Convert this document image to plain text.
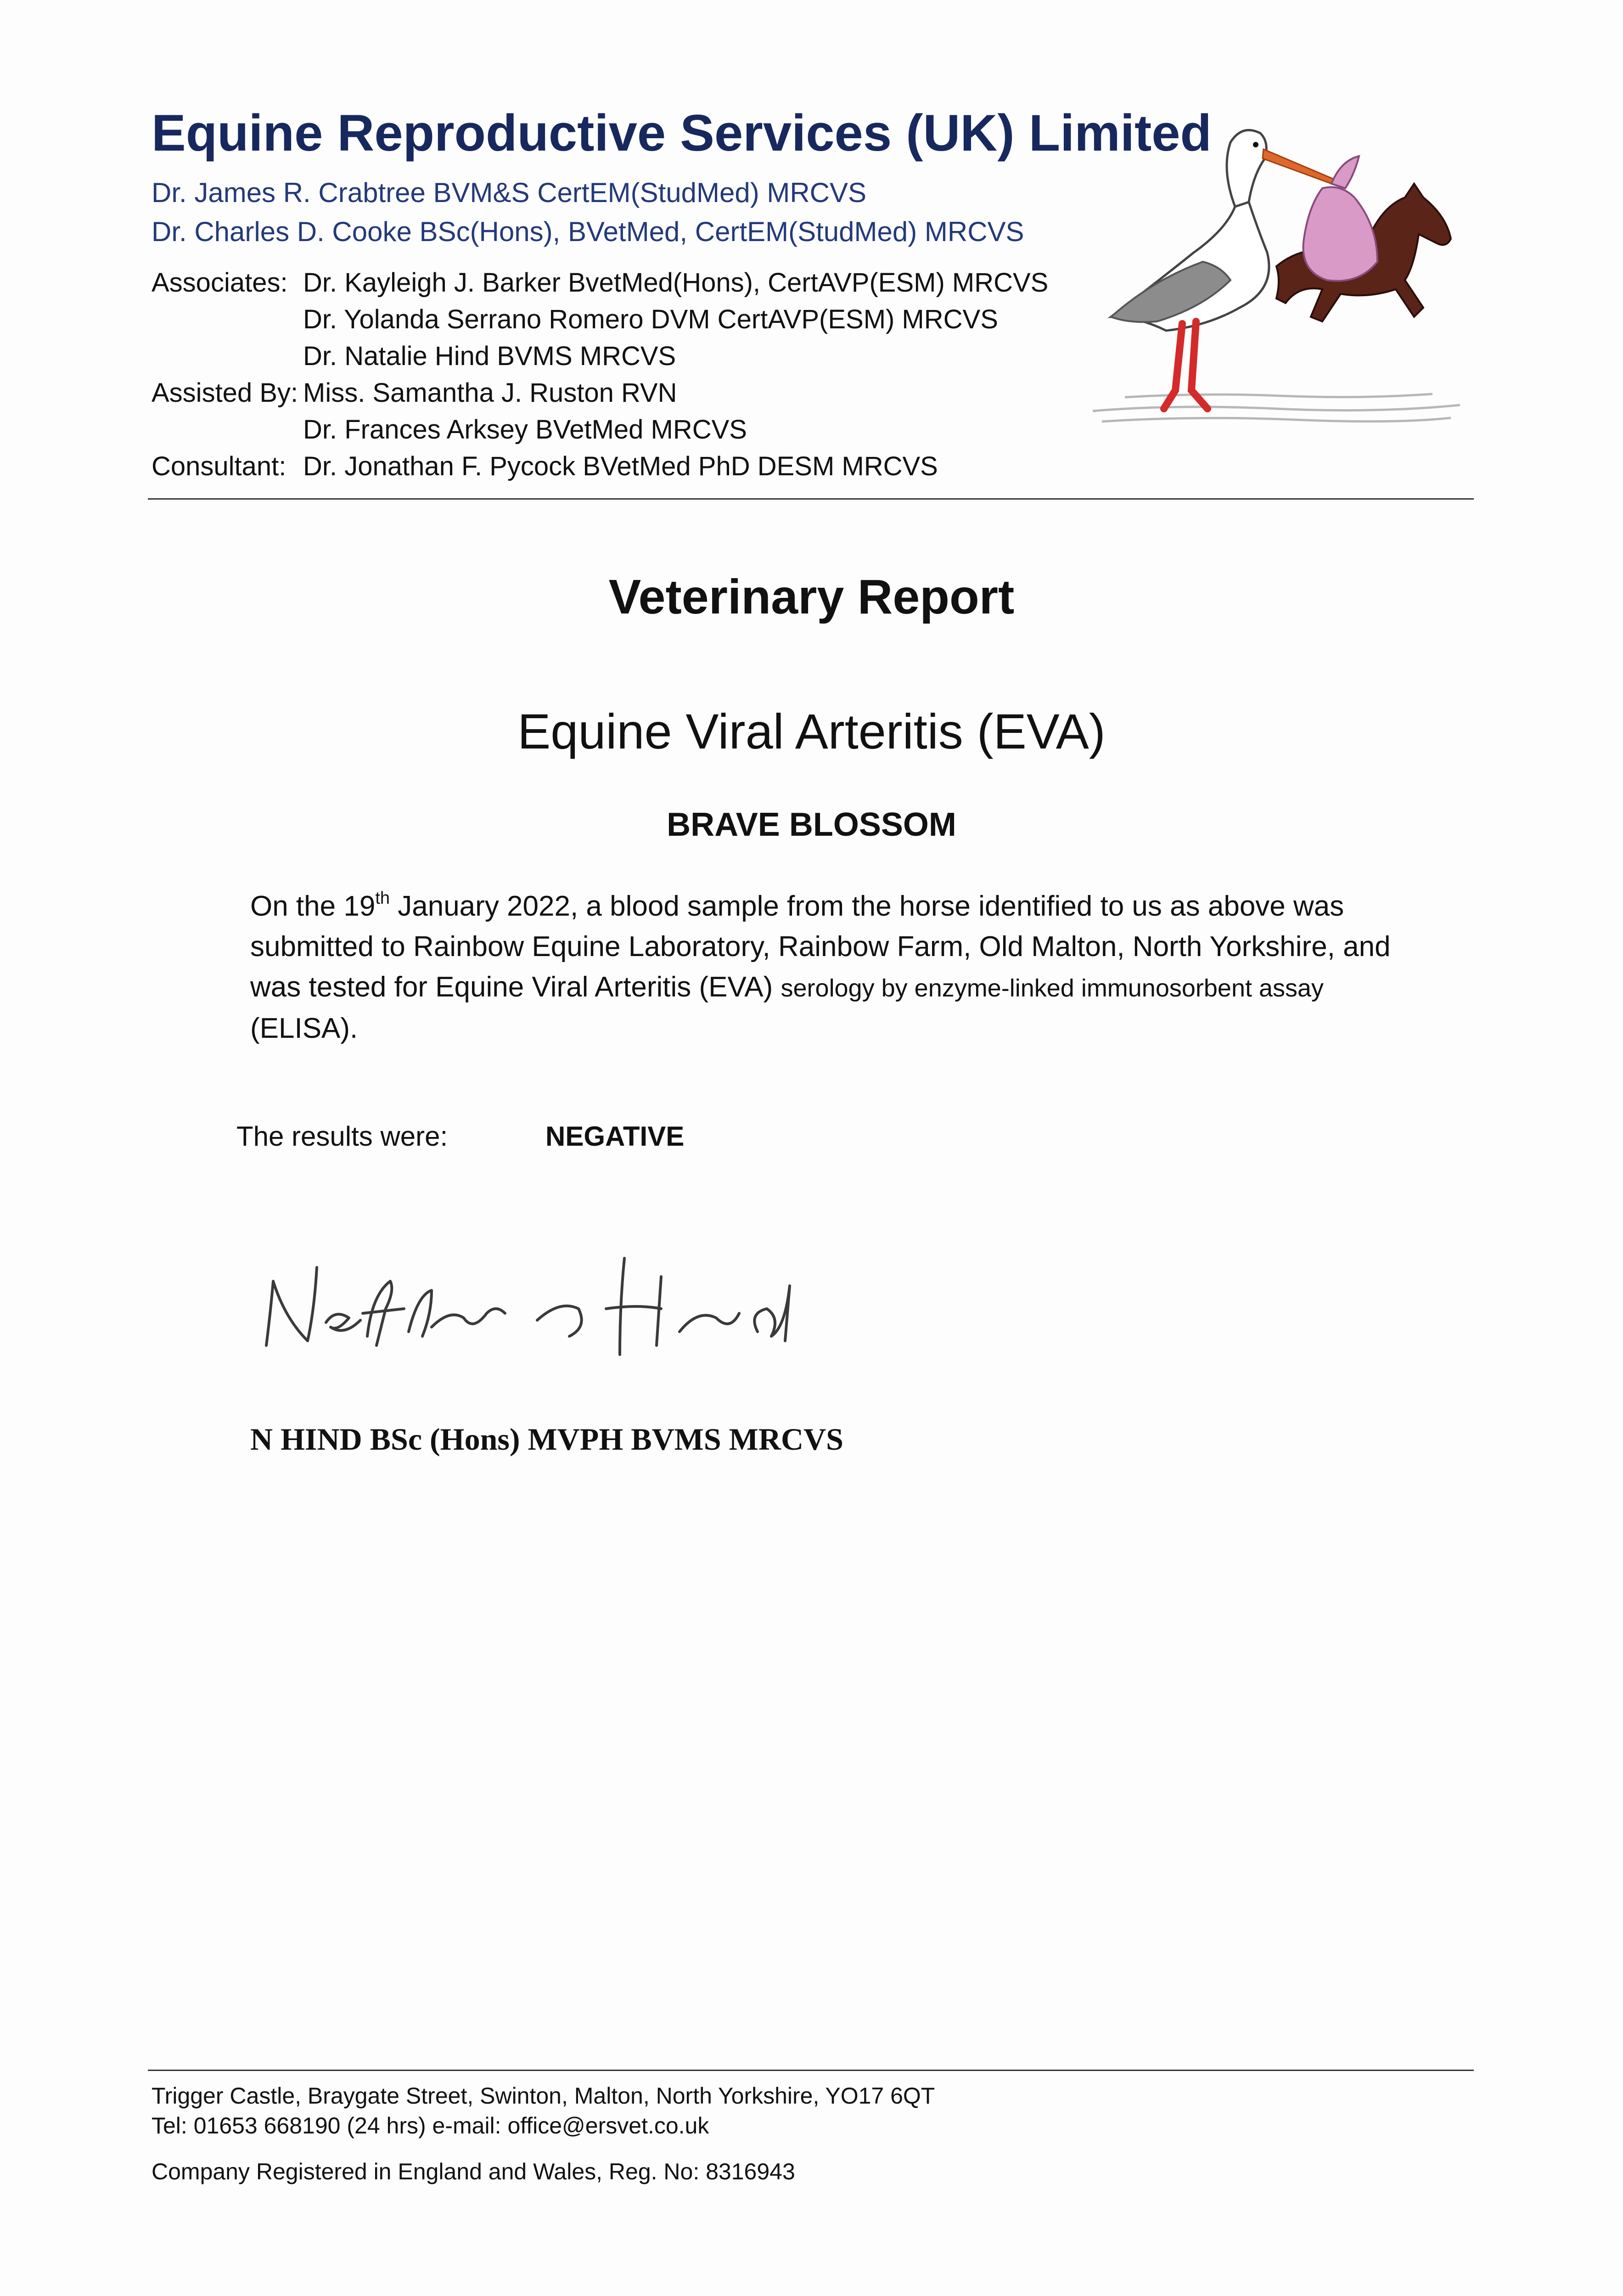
Equine Reproductive Services (UK) Limited
Dr. James R. Crabtree BVM&S CertEM(StudMed) MRCVS
Dr. Charles D. Cooke BSc(Hons), BVetMed, CertEM(StudMed) MRCVS
Associates: Dr. Kayleigh J. Barker BvetMed(Hons), CertAVP(ESM) MRCVS
Dr. Yolanda Serrano Romero DVM CertAVP(ESM) MRCVS
Dr. Natalie Hind BVMS MRCVS
Assisted By: Miss. Samantha J. Ruston RVN
Dr. Frances Arksey BVetMed MRCVS
Consultant: Dr. Jonathan F. Pycock BVetMed PhD DESM MRCVS
Veterinary Report
Equine Viral Arteritis (EVA)
BRAVE BLOSSOM
On the 19th January 2022, a blood sample from the horse identified to us as above was
submitted to Rainbow Equine Laboratory, Rainbow Farm, Old Malton, North Yorkshire, and
was tested for Equine Viral Arteritis (EVA) serology by enzyme-linked immunosorbent assay
(ELISA).
The results were:	NEGATIVE
N HIND BSc (Hons) MVPH BVMS MRCVS
Trigger Castle, Braygate Street, Swinton, Malton, North Yorkshire, YO17 6QT
Tel: 01653 668190 (24 hrs) e-mail: office@ersvet.co.uk
Company Registered in England and Wales, Reg. No: 8316943
